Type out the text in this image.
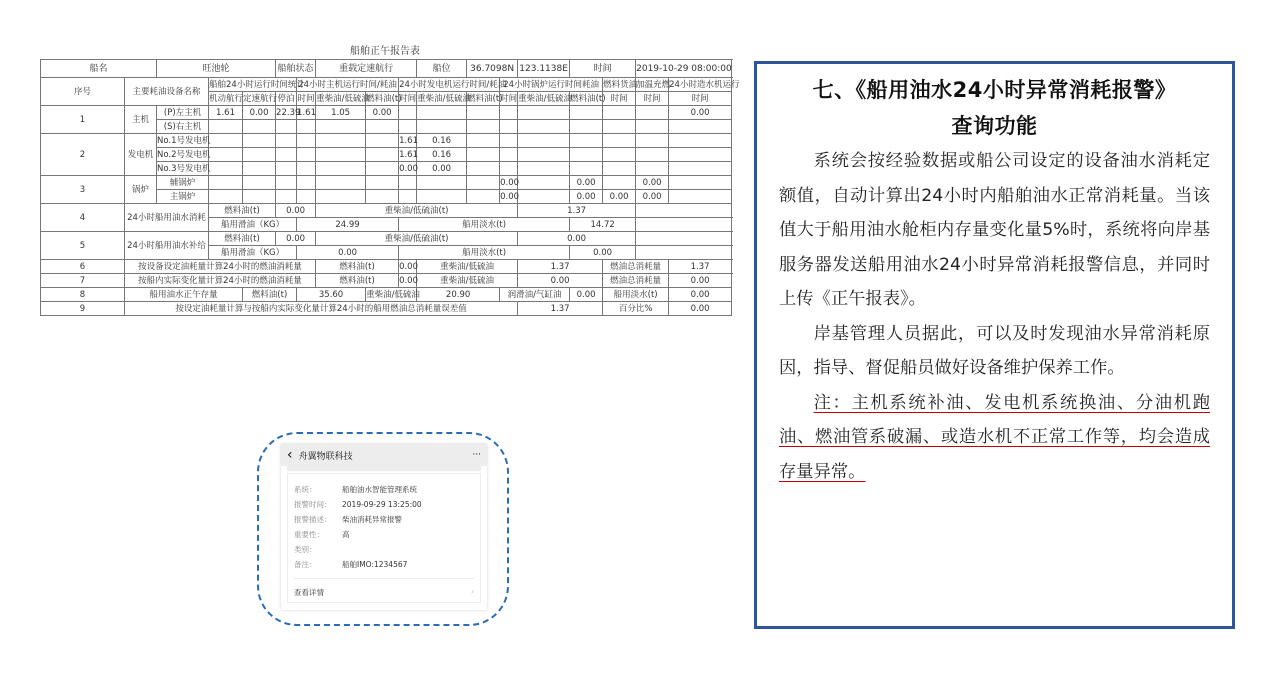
船舶正午报告表
船名		旺池轮			船舶状态		重载定速航行			船位	36.7098N		123.1138E	时间		2019-10-29 08:00:00	
序号	主要耗油设备名称		船舶24小时运行时间统计			24小时主机运行时间/耗油			24小时发电机运行时间/耗油			24小时锅炉运行时间耗油			燃料货油	加温充燃	24小时造水机运行
			机动航行	定速航行	停泊	时间	重柴油/低硫油	燃料油(t)	时间	重柴油/低硫油	燃料油(t)	时间	重柴油/低硫油	燃料油(t)	时间	时间	时间
1	主机	(P)左主机	1.61	0.00	22.39	1.61	1.05	0.00									0.00
		(S)右主机															
2	发电机	No.1号发电机							1.61	0.16							
		No.2号发电机							1.61	0.16							
		No.3号发电机							0.00	0.00							
3	锅炉	辅锅炉										0.00		0.00		0.00	
		主锅炉										0.00		0.00	0.00	0.00	
4	24小时船用油水消耗		燃料油(t)		0.00		重柴油/低硫油(t)						1.37				
			船用滑油（KG）			24.99			船用淡水(t)					14.72			
5	24小时船用油水补给		燃料油(t)		0.00		重柴油/低硫油(t)						0.00				
			船用滑油（KG）			0.00			船用淡水(t)					0.00			
6	按设备设定油耗量计算24小时的燃油消耗量						燃料油(t)		0.00	重柴油/低硫油			1.37		燃油总消耗量		1.37
7	按船内实际变化量计算24小时的燃油消耗量						燃料油(t)		0.00	重柴油/低硫油			0.00		燃油总消耗量		0.00
8	船用油水正午存量			燃料油(t)		35.60		重柴油/低硫油		20.90		润滑油/气缸油		0.00	船用淡水(t)		0.00
9	按设定油耗量计算与按船内实际变化量计算24小时的船用燃油总消耗量误差值												1.37		百分比%		0.00
‹ 舟翼物联科技	···
系统：	船舶油水智能管理系统
报警时间：	2019-09-29 13:25:00
报警描述：	柴油消耗异常报警
重要性：	高
类别：
备注：	船舶IMO:1234567
查看详情	›
七、《船用油水24小时异常消耗报警》
查询功能

系统会按经验数据或船公司设定的设备油水消耗定额值，自动计算出24小时内船舶油水正常消耗量。当该值大于船用油水舱柜内存量变化量5%时，系统将向岸基服务器发送船用油水24小时异常消耗报警信息，并同时上传《正午报表》。

岸基管理人员据此，可以及时发现油水异常消耗原因，指导、督促船员做好设备维护保养工作。

注：主机系统补油、发电机系统换油、分油机跑油、燃油管系破漏、或造水机不正常工作等，均会造成存量异常。
